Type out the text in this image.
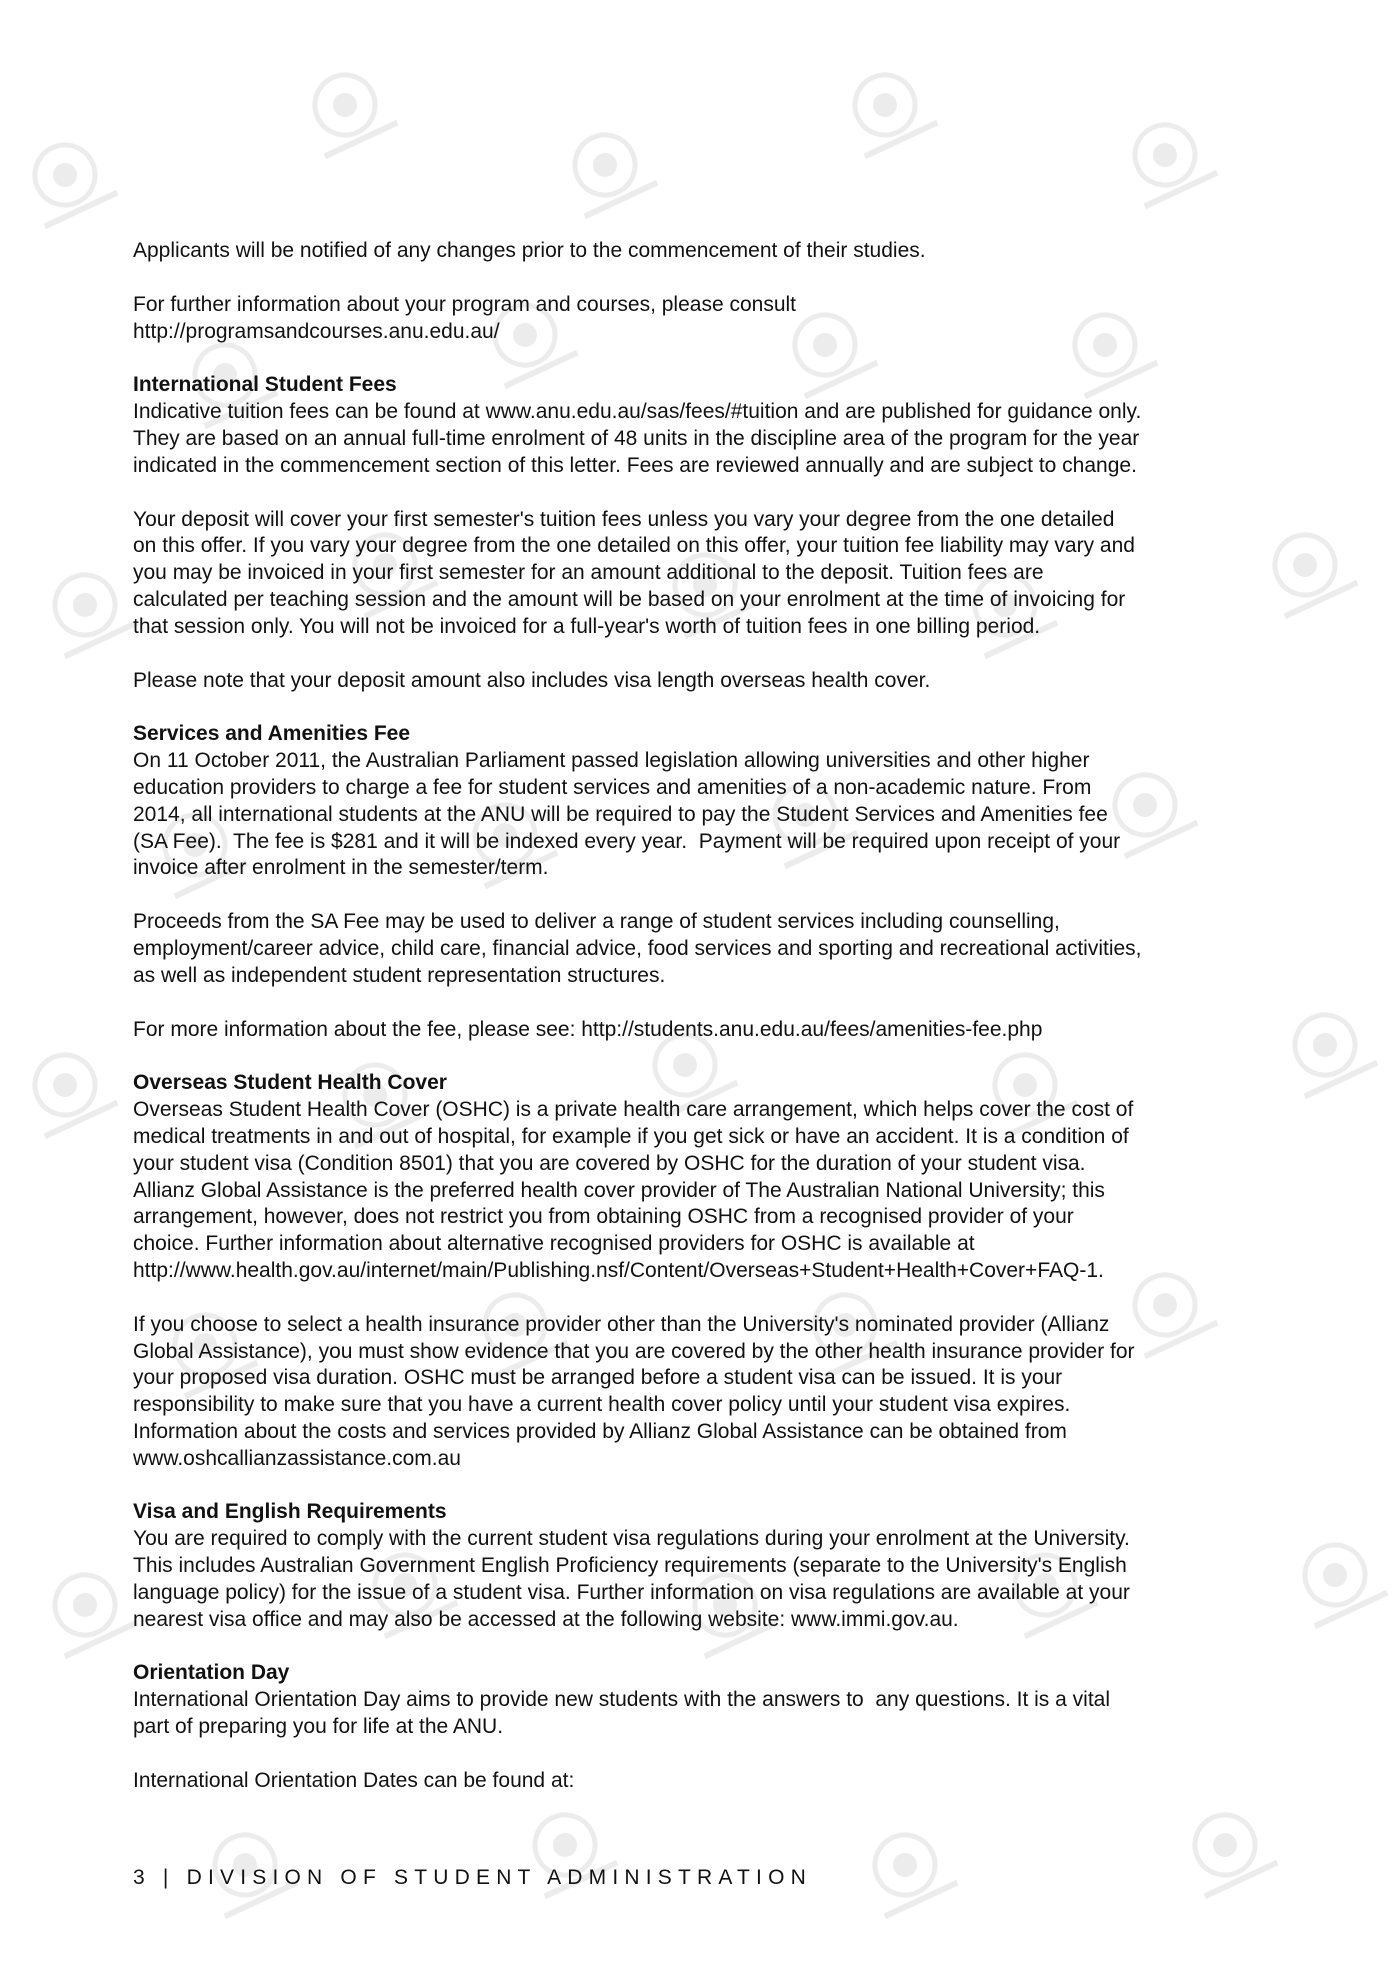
Applicants will be notified of any changes prior to the commencement of their studies.

For further information about your program and courses, please consult
http://programsandcourses.anu.edu.au/

International Student Fees
Indicative tuition fees can be found at www.anu.edu.au/sas/fees/#tuition and are published for guidance only.
They are based on an annual full-time enrolment of 48 units in the discipline area of the program for the year
indicated in the commencement section of this letter. Fees are reviewed annually and are subject to change.
Your deposit will cover your first semester's tuition fees unless you vary your degree from the one detailed
on this offer. If you vary your degree from the one detailed on this offer, your tuition fee liability may vary and
you may be invoiced in your first semester for an amount additional to the deposit. Tuition fees are
calculated per teaching session and the amount will be based on your enrolment at the time of invoicing for
that session only. You will not be invoiced for a full-year's worth of tuition fees in one billing period.
Please note that your deposit amount also includes visa length overseas health cover.
Services and Amenities Fee
On 11 October 2011, the Australian Parliament passed legislation allowing universities and other higher
education providers to charge a fee for student services and amenities of a non-academic nature. From
2014, all international students at the ANU will be required to pay the Student Services and Amenities fee
(SA Fee).  The fee is $281 and it will be indexed every year.  Payment will be required upon receipt of your
invoice after enrolment in the semester/term.
Proceeds from the SA Fee may be used to deliver a range of student services including counselling,
employment/career advice, child care, financial advice, food services and sporting and recreational activities,
as well as independent student representation structures.
For more information about the fee, please see: http://students.anu.edu.au/fees/amenities-fee.php
Overseas Student Health Cover
Overseas Student Health Cover (OSHC) is a private health care arrangement, which helps cover the cost of
medical treatments in and out of hospital, for example if you get sick or have an accident. It is a condition of
your student visa (Condition 8501) that you are covered by OSHC for the duration of your student visa.
Allianz Global Assistance is the preferred health cover provider of The Australian National University; this
arrangement, however, does not restrict you from obtaining OSHC from a recognised provider of your
choice. Further information about alternative recognised providers for OSHC is available at
http://www.health.gov.au/internet/main/Publishing.nsf/Content/Overseas+Student+Health+Cover+FAQ-1.
If you choose to select a health insurance provider other than the University's nominated provider (Allianz
Global Assistance), you must show evidence that you are covered by the other health insurance provider for
your proposed visa duration. OSHC must be arranged before a student visa can be issued. It is your
responsibility to make sure that you have a current health cover policy until your student visa expires.
Information about the costs and services provided by Allianz Global Assistance can be obtained from
www.oshcallianzassistance.com.au
Visa and English Requirements
You are required to comply with the current student visa regulations during your enrolment at the University.
This includes Australian Government English Proficiency requirements (separate to the University's English
language policy) for the issue of a student visa. Further information on visa regulations are available at your
nearest visa office and may also be accessed at the following website: www.immi.gov.au.
Orientation Day
International Orientation Day aims to provide new students with the answers to  any questions. It is a vital
part of preparing you for life at the ANU.
International Orientation Dates can be found at:
3 | DIVISION OF STUDENT ADMINISTRATION
